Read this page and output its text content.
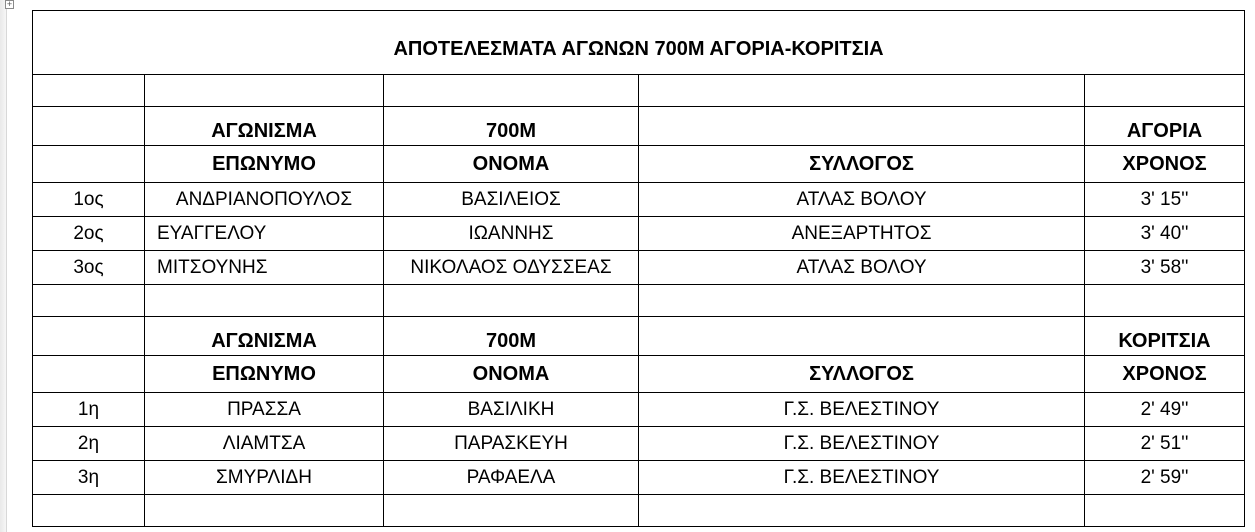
+
ΑΠΟΤΕΛΕΣΜΑΤΑ ΑΓΩΝΩΝ 700Μ ΑΓΟΡΙΑ-ΚΟΡΙΤΣΙΑ				

	ΑΓΩΝΙΣΜΑ	700Μ		ΑΓΟΡΙΑ
	ΕΠΩΝΥΜΟ	ΟΝΟΜΑ	ΣΥΛΛΟΓΟΣ	ΧΡΟΝΟΣ
1ος	ΑΝΔΡΙΑΝΟΠΟΥΛΟΣ	ΒΑΣΙΛΕΙΟΣ	ΑΤΛΑΣ ΒΟΛΟΥ	3' 15''
2ος	ΕΥΑΓΓΕΛΟΥ	ΙΩΑΝΝΗΣ	ΑΝΕΞΑΡΤΗΤΟΣ	3' 40''
3ος	ΜΙΤΣΟΥΝΗΣ	ΝΙΚΟΛΑΟΣ ΟΔΥΣΣΕΑΣ	ΑΤΛΑΣ ΒΟΛΟΥ	3' 58''

	ΑΓΩΝΙΣΜΑ	700Μ		ΚΟΡΙΤΣΙΑ
	ΕΠΩΝΥΜΟ	ΟΝΟΜΑ	ΣΥΛΛΟΓΟΣ	ΧΡΟΝΟΣ
1η	ΠΡΑΣΣΑ	ΒΑΣΙΛΙΚΗ	Γ.Σ. ΒΕΛΕΣΤΙΝΟΥ	2' 49''
2η	ΛΙΑΜΤΣΑ	ΠΑΡΑΣΚΕΥΗ	Γ.Σ. ΒΕΛΕΣΤΙΝΟΥ	2' 51''
3η	ΣΜΥΡΛΙΔΗ	ΡΑΦΑΕΛΑ	Γ.Σ. ΒΕΛΕΣΤΙΝΟΥ	2' 59''
